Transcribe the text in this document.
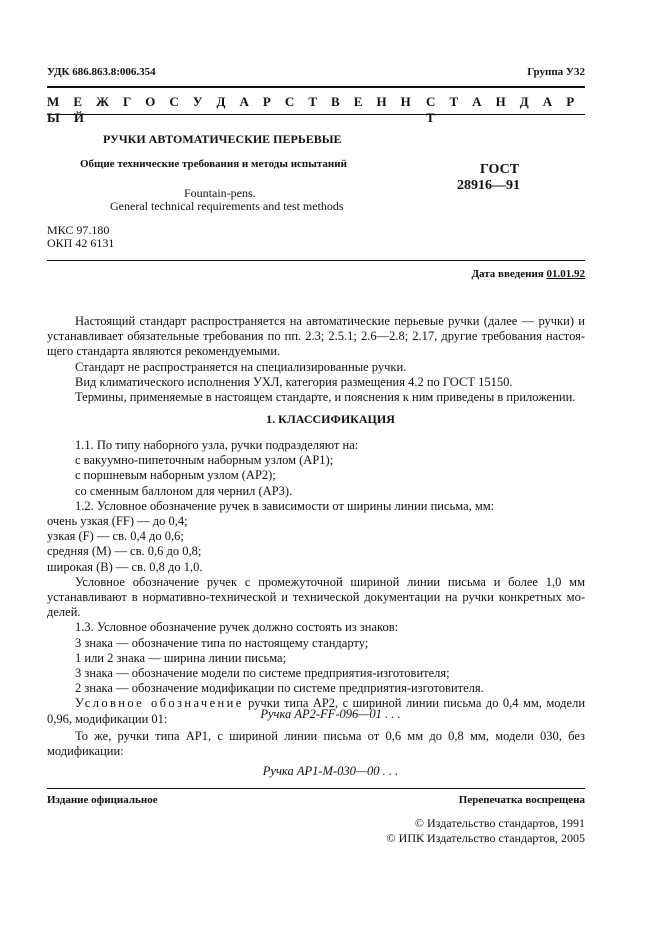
УДК 686.863.8:006.354	Группа У32
М Е Ж Г О С У Д А Р С Т В Е Н Н Ы Й
С Т А Н Д А Р Т
РУЧКИ АВТОМАТИЧЕСКИЕ ПЕРЬЕВЫЕ
Общие технические требования и методы испытаний
Fountain-pens.
General technical requirements and test methods
ГОСТ
28916—91
МКС 97.180
ОКП 42 6131
Дата введения 01.01.92
Настоящий стандарт распространяется на автоматические перьевые ручки (далее — ручки) и
устанавливает обязательные требования по пп. 2.3; 2.5.1; 2.6—2.8; 2.17, другие требования настоя-
щего стандарта являются рекомендуемыми.
Стандарт не распространяется на специализированные ручки.
Вид климатического исполнения УХЛ, категория размещения 4.2 по ГОСТ 15150.
Термины, применяемые в настоящем стандарте, и пояснения к ним приведены в приложении.
1. КЛАССИФИКАЦИЯ
1.1. По типу наборного узла, ручки подразделяют на:
с вакуумно-пипеточным наборным узлом (АР1);
с поршневым наборным узлом (АР2);
со сменным баллоном для чернил (АР3).
1.2. Условное обозначение ручек в зависимости от ширины линии письма, мм:
очень узкая (FF) — до 0,4;
узкая (F) — св. 0,4 до 0,6;
средняя (М) — св. 0,6 до 0,8;
широкая (В) — св. 0,8 до 1,0.
Условное обозначение ручек с промежуточной шириной линии письма и более 1,0 мм
устанавливают в нормативно-технической и технической документации на ручки конкретных мо-
делей.
1.3. Условное обозначение ручек должно состоять из знаков:
3 знака — обозначение типа по настоящему стандарту;
1 или 2 знака — ширина линии письма;
3 знака — обозначение модели по системе предприятия-изготовителя;
2 знака — обозначение модификации по системе предприятия-изготовителя.
Условное обозначение ручки типа АР2, с шириной линии письма до 0,4 мм, модели
0,96, модификации 01:	Ручка АР2-FF-096—01 . . .
То же, ручки типа АР1, с шириной линии письма от 0,6 мм до 0,8 мм, модели 030, без
модификации:
Ручка АР1-М-030—00 . . .
Издание официальное	Перепечатка воспрещена
© Издательство стандартов, 1991
© ИПК Издательство стандартов, 2005
